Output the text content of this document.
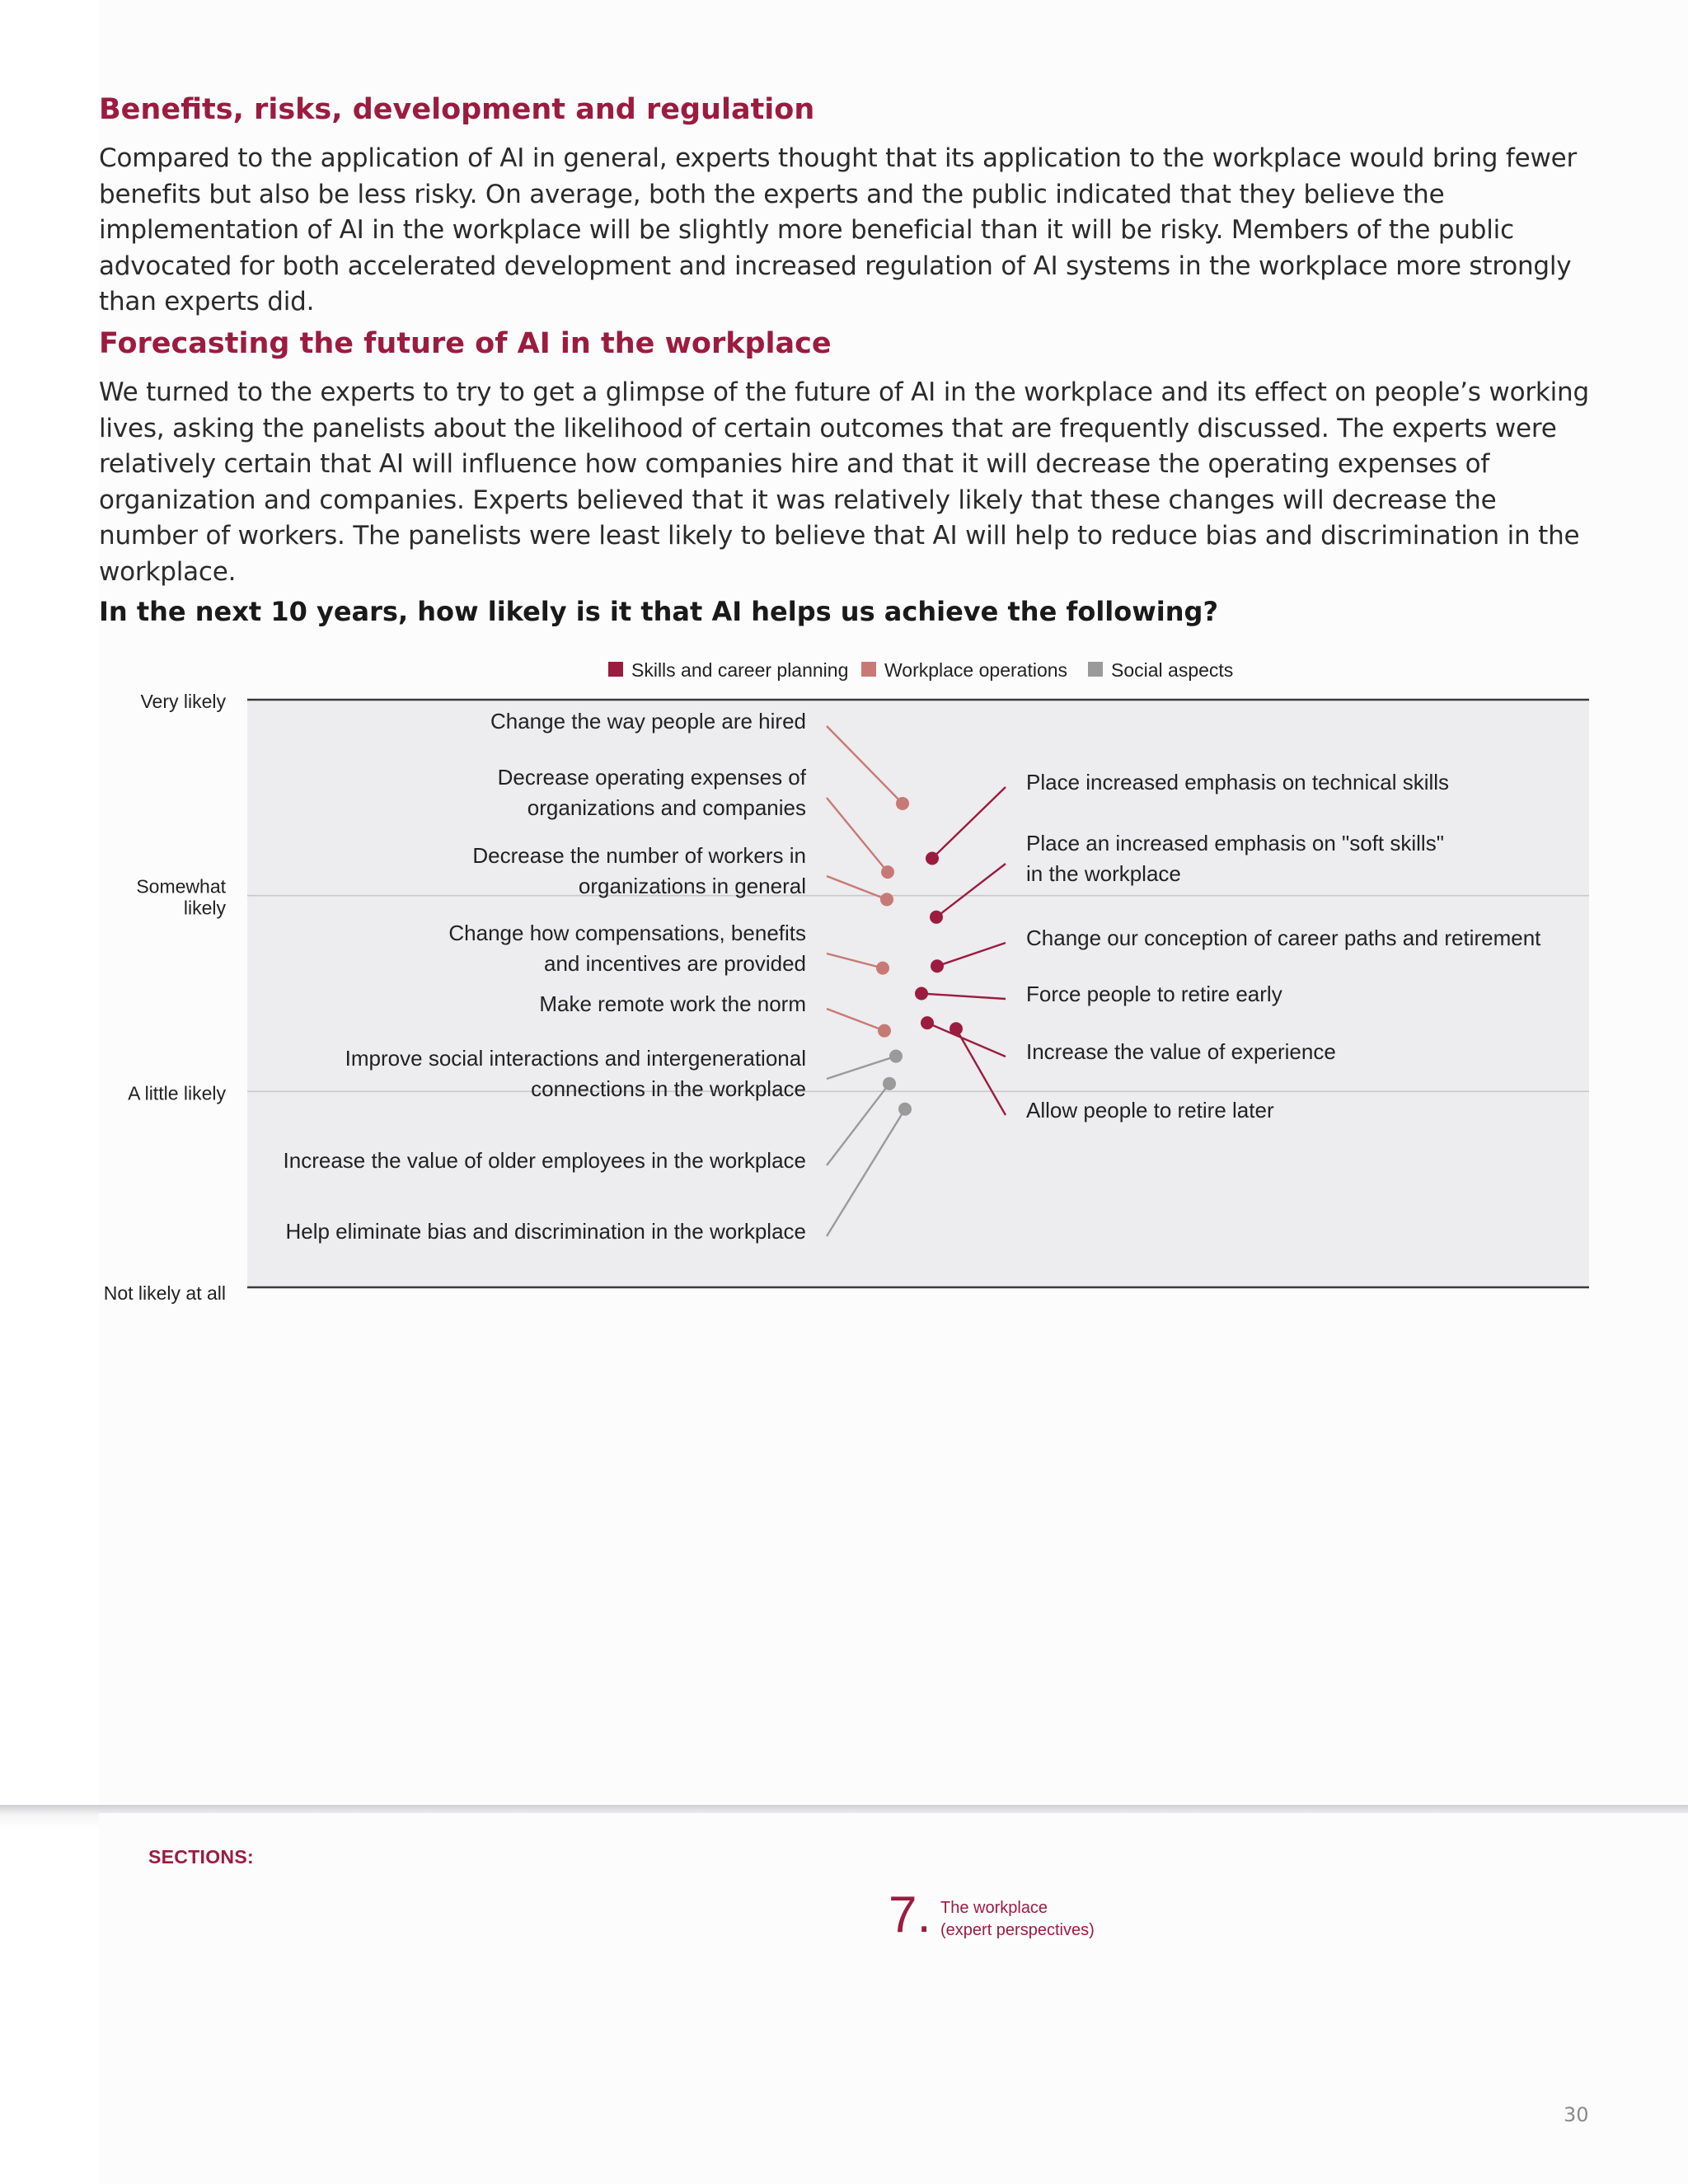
Benefits, risks, development and regulation

Compared to the application of AI in general, experts thought that its application to the workplace would bring fewer benefits but also be less risky. On average, both the experts and the public indicated that they believe the implementation of AI in the workplace will be slightly more beneficial than it will be risky. Members of the public advocated for both accelerated development and increased regulation of AI systems in the workplace more strongly than experts did.

Forecasting the future of AI in the workplace

We turned to the experts to try to get a glimpse of the future of AI in the workplace and its effect on people’s working lives, asking the panelists about the likelihood of certain outcomes that are frequently discussed. The experts were relatively certain that AI will influence how companies hire and that it will decrease the operating expenses of organization and companies. Experts believed that it was relatively likely that these changes will decrease the number of workers. The panelists were least likely to believe that AI will help to reduce bias and discrimination in the workplace.

In the next 10 years, how likely is it that AI helps us achieve the following?
Very likely
Somewhat
likely
A little likely
Not likely at all
Skills and career planning Workplace operations Social aspects
Change the way people are hired
Decrease operating expenses of
organizations and companies
Decrease the number of workers in
organizations in general
Change how compensations, benefits
and incentives are provided
Make remote work the norm
Improve social interactions and intergenerational
connections in the workplace
Increase the value of older employees in the workplace
Help eliminate bias and discrimination in the workplace
Place increased emphasis on technical skills
Place an increased emphasis on "soft skills"
in the workplace
Change our conception of career paths and retirement
Force people to retire early
Increase the value of experience
Allow people to retire later
SECTIONS:
7. The workplace
(expert perspectives)
30
